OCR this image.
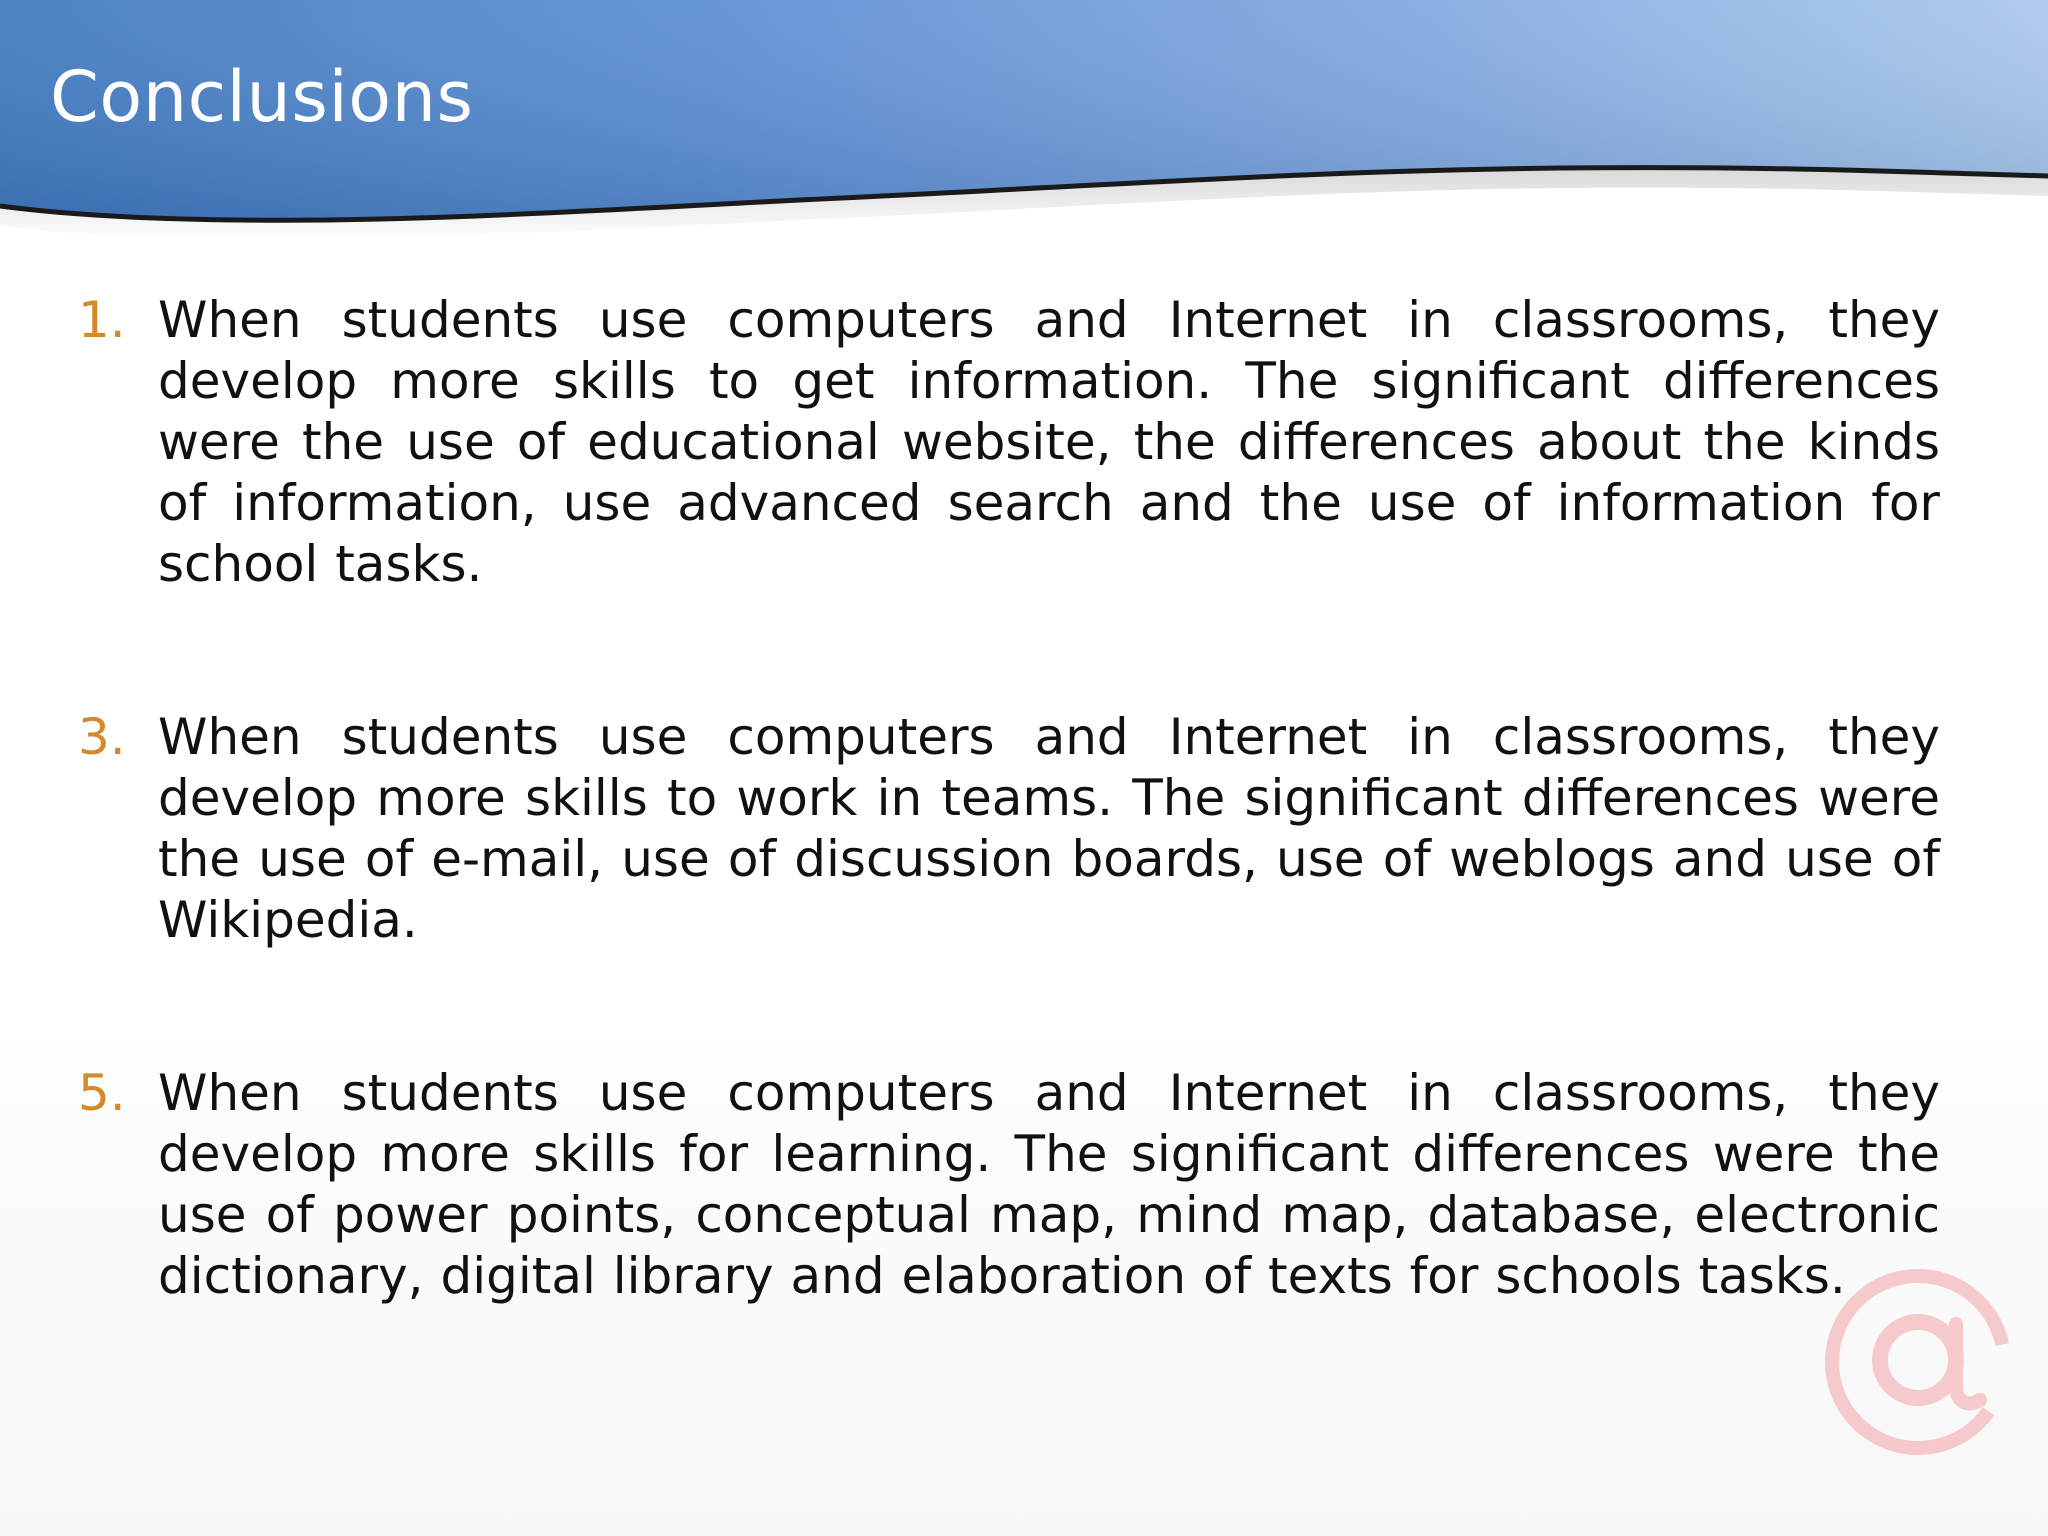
Conclusions
1. When students use computers and Internet in classrooms, they develop more skills to get information. The significant differences were the use of educational website, the differences about the kinds of information, use advanced search and the use of information for school tasks.
3. When students use computers and Internet in classrooms, they develop more skills to work in teams. The significant differences were the use of e-mail, use of discussion boards, use of weblogs and use of Wikipedia.
5. When students use computers and Internet in classrooms, they develop more skills for learning. The significant differences were the use of power points, conceptual map, mind map, database, electronic dictionary, digital library and elaboration of texts for schools tasks.
